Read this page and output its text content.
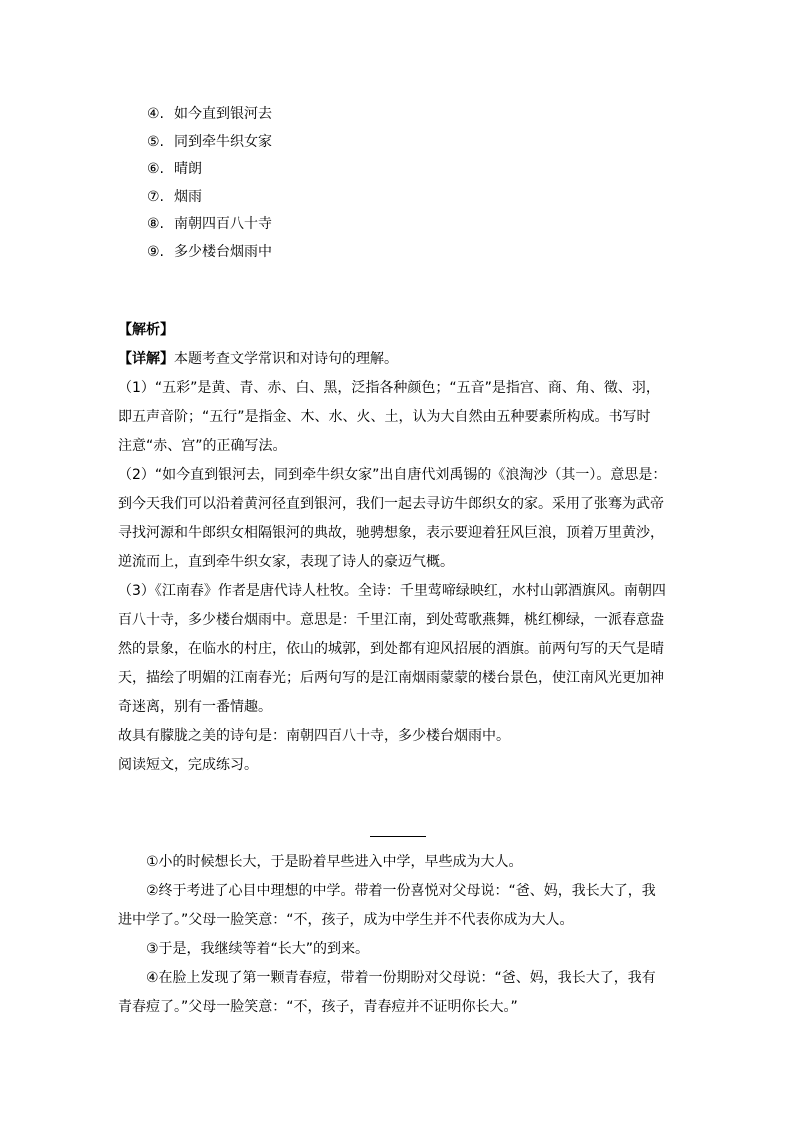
④. 如今直到银河去
⑤. 同到牵牛织女家
⑥. 晴朗
⑦. 烟雨
⑧. 南朝四百八十寺
⑨. 多少楼台烟雨中
【解析】
【详解】本题考查文学常识和对诗句的理解。
（1）“五彩”是黄、青、赤、白、黑，泛指各种颜色；“五音”是指宫、商、角、徵、羽，
即五声音阶；“五行”是指金、木、水、火、土，认为大自然由五种要素所构成。书写时
注意“赤、宫”的正确写法。
（2）“如今直到银河去，同到牵牛织女家”出自唐代刘禹锡的《浪淘沙（其一）。意思是：
到今天我们可以沿着黄河径直到银河，我们一起去寻访牛郎织女的家。采用了张骞为武帝
寻找河源和牛郎织女相隔银河的典故，驰骋想象，表示要迎着狂风巨浪，顶着万里黄沙，
逆流而上，直到牵牛织女家，表现了诗人的豪迈气概。
（3）《江南春》作者是唐代诗人杜牧。全诗：千里莺啼绿映红，水村山郭酒旗风。南朝四
百八十寺，多少楼台烟雨中。意思是：千里江南，到处莺歌燕舞，桃红柳绿，一派春意盎
然的景象，在临水的村庄，依山的城郭，到处都有迎风招展的酒旗。前两句写的天气是晴
天，描绘了明媚的江南春光；后两句写的是江南烟雨蒙蒙的楼台景色，使江南风光更加神
奇迷离，别有一番情趣。
故具有朦胧之美的诗句是：南朝四百八十寺，多少楼台烟雨中。
阅读短文，完成练习。
①小的时候想长大，于是盼着早些进入中学，早些成为大人。
②终于考进了心目中理想的中学。带着一份喜悦对父母说：“爸、妈，我长大了，我
进中学了。”父母一脸笑意：“不，孩子，成为中学生并不代表你成为大人。
③于是，我继续等着“长大”的到来。
④在脸上发现了第一颗青春痘，带着一份期盼对父母说：“爸、妈，我长大了，我有
青春痘了。”父母一脸笑意：“不，孩子，青春痘并不证明你长大。”
